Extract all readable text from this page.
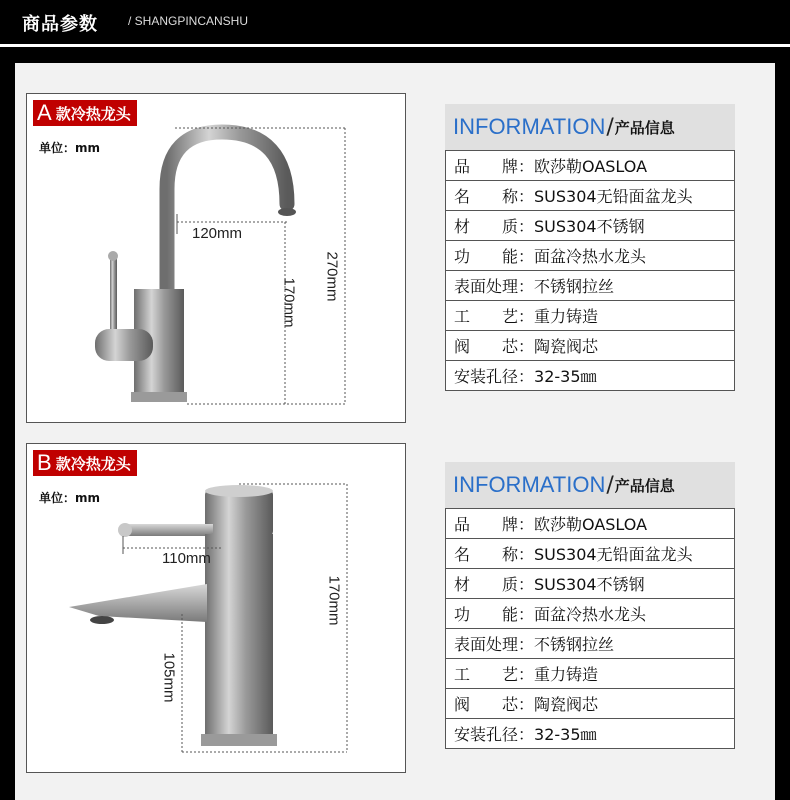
商品参数	/ SHANGPINCANSHU
A 款冷热龙头
单位：mm
120mm
270mm
170mm
B 款冷热龙头
单位：mm
110mm
170mm
105mm
INFORMATION / 产品信息
品　　牌：欧莎勒OASLOA
名　　称：SUS304无铅面盆龙头
材　　质：SUS304不锈钢
功　　能：面盆冷热水龙头
表面处理：不锈钢拉丝
工　　艺：重力铸造
阀　　芯：陶瓷阀芯
安装孔径：32-35㎜
INFORMATION / 产品信息
品　　牌：欧莎勒OASLOA
名　　称：SUS304无铅面盆龙头
材　　质：SUS304不锈钢
功　　能：面盆冷热水龙头
表面处理：不锈钢拉丝
工　　艺：重力铸造
阀　　芯：陶瓷阀芯
安装孔径：32-35㎜
